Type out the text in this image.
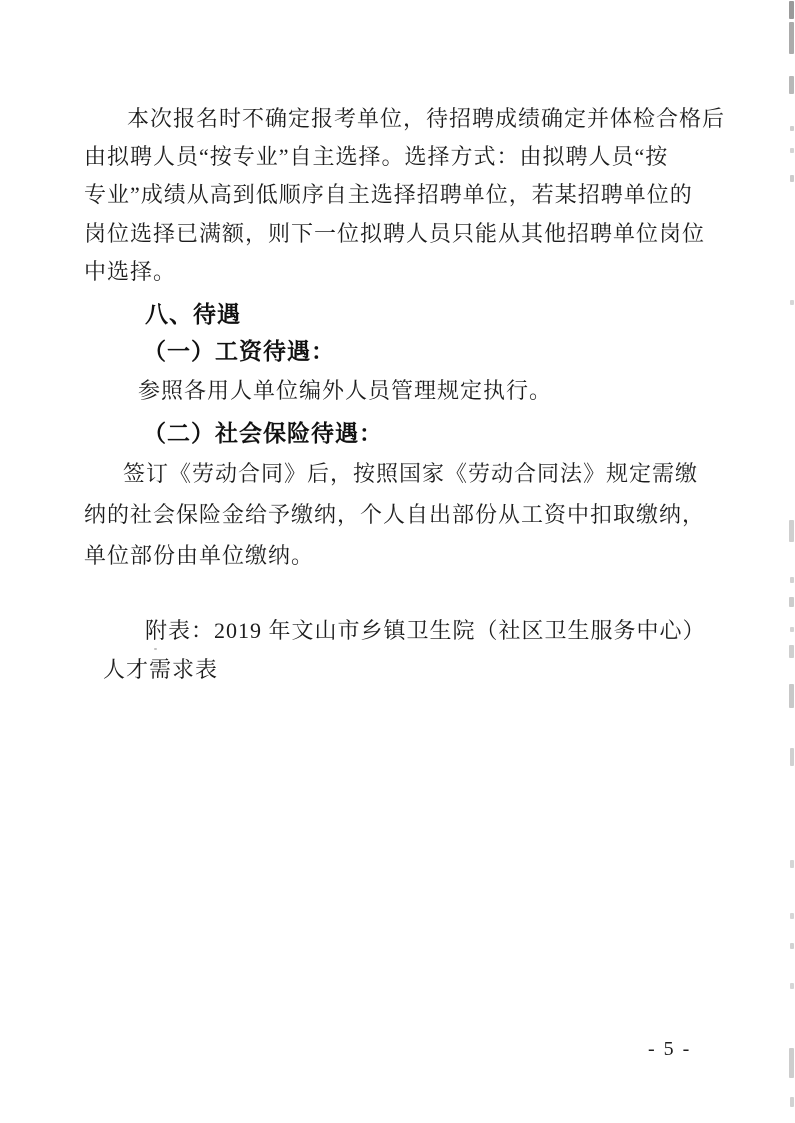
本次报名时不确定报考单位，待招聘成绩确定并体检合格后
由拟聘人员“按专业”自主选择。选择方式：由拟聘人员“按
专业”成绩从高到低顺序自主选择招聘单位，若某招聘单位的
岗位选择已满额，则下一位拟聘人员只能从其他招聘单位岗位
中选择。
八、待遇
（一）工资待遇：
参照各用人单位编外人员管理规定执行。
（二）社会保险待遇：
签订《劳动合同》后，按照国家《劳动合同法》规定需缴
纳的社会保险金给予缴纳，个人自出部份从工资中扣取缴纳，
单位部份由单位缴纳。
附表：2019 年文山市乡镇卫生院（社区卫生服务中心）
人才需求表
- 5 -
